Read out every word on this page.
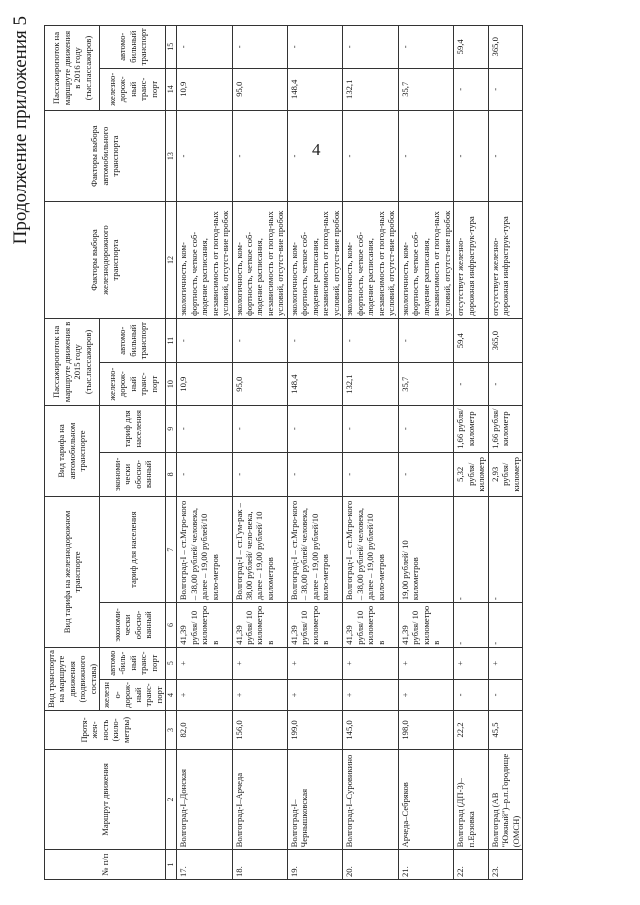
4
Продолжение приложения 5
№ п/п	Маршрут движения	Протя-жен-ность (кило-метры)	Вид транспорта на маршруте движения (подвижного состава)		Вид тарифа на железнодорожном транспорте		Вид тарифа на автомобильном транспорте		Пассажиропоток на маршруте движения в 2015 году (тыс.пассажиров)		Факторы выбора железнодорожного транспорта	Факторы выбора автомобильного транспорта	Пассажиропоток на маршруте движения в 2016 году (тыс.пассажиров)	
			железно-дорож-ный транс-порт	автомо-биль-ный транс-порт	экономи-чески обосно-ванный	тариф для населения	экономи-чески обосно-ванный	тариф для населения	железно-дорож-ный транс-порт	автомо-бильный транспорт			железно-дорож-ный транс-порт	автомо-бильный транспорт
1	2	3	4	5	6	7	8	9	10	11	12	13	14	15
17.	Волгоград-I–Донская	82,0	+	+	41,39 рубля/ 10 километров	Волгоград-I – ст.Мгро-кого – 38,00 рублей/ человека, далее – 19,00 рублей/10 кило-метров	-	-	10,9	-	экологичность, ком-фортность, четкое соб-людение расписания, независимость от погод-ных условий, отсутст-вие пробок	-	10,9	-
18.	Волгоград-I–Арчеда	156,0	+	+	41,39 рубля/ 10 километров	Волгоград-I – ст.Гум-рак – 38,00 рублей/ чело-века, далее – 19,00 рублей/ 10 километров	-	-	95,0	-	экологичность, ком-фортность, четкое соб-людение расписания, независимость от погод-ных условий, отсутст-вие пробок	-	95,0	-
19.	Волгоград-I–Чернышковская	199,0	+	+	41,39 рубля/ 10 километров	Волгоград-I – ст.Мгро-кого – 38,00 рублей/ человека, далее – 19,00 рублей/10 кило-метров	-	-	148,4	-	экологичность, ком-фортность, четкое соб-людение расписания, независимость от погод-ных условий, отсутст-вие пробок	-	148,4	-
20.	Волгоград-I–Суровикино	145,0	+	+	41,39 рубля/ 10 километров	Волгоград-I – ст.Мгро-кого – 38,00 рублей/ человека, далее – 19,00 рублей/10 кило-метров	-	-	132,1	-	экологичность, ком-фортность, четкое соб-людение расписания, независимость от погод-ных условий, отсутст-вие пробок	-	132,1	-
21.	Арчеда–Себряков	198,0	+	+	41,39 рубля/ 10 километров	19,00 рублей/ 10 километров	-	-	35,7	-	экологичность, ком-фортность, четкое соб-людение расписания, независимость от погод-ных условий, отсутст-вие пробок	-	35,7	-
22.	Волгоград (ДП-3)–п.Ерзовка	22,2	-	+	-	-	5,32 рубля/ километр	1,66 рубля/ километр	-	59,4	отсутствует железно-дорожная инфраструк-тура	-	-	59,4
23.	Волгоград (АВ "Южный")–р.п.Городище (ОМСН)	45,5	-	+	-	-	2,93 рубля/ километр	1,66 рубля/ километр	-	365,0	отсутствует железно-дорожная инфраструк-тура	-	-	365,0
